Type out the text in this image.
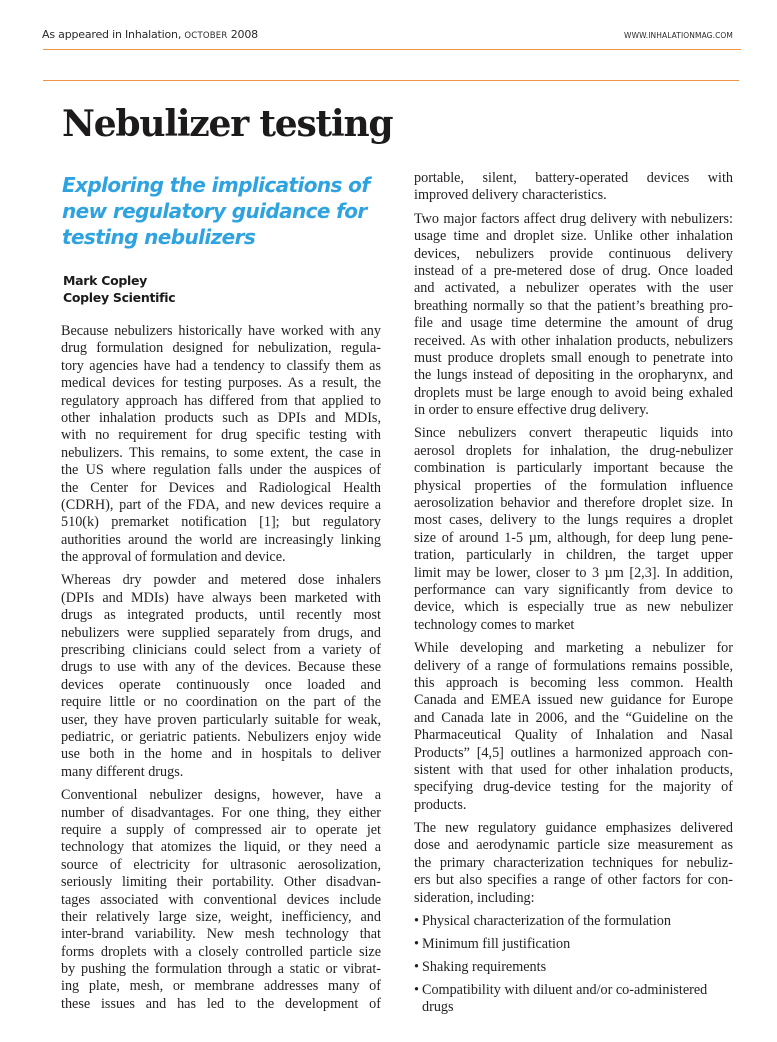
As appeared in Inhalation, OCTOBER 2008	WWW.INHALATIONMAG.COM
Nebulizer testing
Exploring the implications of
new regulatory guidance for
testing nebulizers
Mark Copley
Copley Scientific
Because nebulizers historically have worked with any
drug formulation designed for nebulization, regula-
tory agencies have had a tendency to classify them as
medical devices for testing purposes. As a result, the
regulatory approach has differed from that applied to
other inhalation products such as DPIs and MDIs,
with no requirement for drug specific testing with
nebulizers. This remains, to some extent, the case in
the US where regulation falls under the auspices of
the Center for Devices and Radiological Health
(CDRH), part of the FDA, and new devices require a
510(k) premarket notification [1]; but regulatory
authorities around the world are increasingly linking
the approval of formulation and device.
Whereas dry powder and metered dose inhalers
(DPIs and MDIs) have always been marketed with
drugs as integrated products, until recently most
nebulizers were supplied separately from drugs, and
prescribing clinicians could select from a variety of
drugs to use with any of the devices. Because these
devices operate continuously once loaded and
require little or no coordination on the part of the
user, they have proven particularly suitable for weak,
pediatric, or geriatric patients. Nebulizers enjoy wide
use both in the home and in hospitals to deliver
many different drugs.
Conventional nebulizer designs, however, have a
number of disadvantages. For one thing, they either
require a supply of compressed air to operate jet
technology that atomizes the liquid, or they need a
source of electricity for ultrasonic aerosolization,
seriously limiting their portability. Other disadvan-
tages associated with conventional devices include
their relatively large size, weight, inefficiency, and
inter-brand variability. New mesh technology that
forms droplets with a closely controlled particle size
by pushing the formulation through a static or vibrat-
ing plate, mesh, or membrane addresses many of
these issues and has led to the development of
portable, silent, battery-operated devices with
improved delivery characteristics.
Two major factors affect drug delivery with nebulizers:
usage time and droplet size. Unlike other inhalation
devices, nebulizers provide continuous delivery
instead of a pre-metered dose of drug. Once loaded
and activated, a nebulizer operates with the user
breathing normally so that the patient’s breathing pro-
file and usage time determine the amount of drug
received. As with other inhalation products, nebulizers
must produce droplets small enough to penetrate into
the lungs instead of depositing in the oropharynx, and
droplets must be large enough to avoid being exhaled
in order to ensure effective drug delivery.
Since nebulizers convert therapeutic liquids into
aerosol droplets for inhalation, the drug-nebulizer
combination is particularly important because the
physical properties of the formulation influence
aerosolization behavior and therefore droplet size. In
most cases, delivery to the lungs requires a droplet
size of around 1-5 µm, although, for deep lung pene-
tration, particularly in children, the target upper
limit may be lower, closer to 3 µm [2,3]. In addition,
performance can vary significantly from device to
device, which is especially true as new nebulizer
technology comes to market
While developing and marketing a nebulizer for
delivery of a range of formulations remains possible,
this approach is becoming less common. Health
Canada and EMEA issued new guidance for Europe
and Canada late in 2006, and the “Guideline on the
Pharmaceutical Quality of Inhalation and Nasal
Products” [4,5] outlines a harmonized approach con-
sistent with that used for other inhalation products,
specifying drug-device testing for the majority of
products.
The new regulatory guidance emphasizes delivered
dose and aerodynamic particle size measurement as
the primary characterization techniques for nebuliz-
ers but also specifies a range of other factors for con-
sideration, including:
• Physical characterization of the formulation
• Minimum fill justification
• Shaking requirements
• Compatibility with diluent and/or co-administered
drugs
